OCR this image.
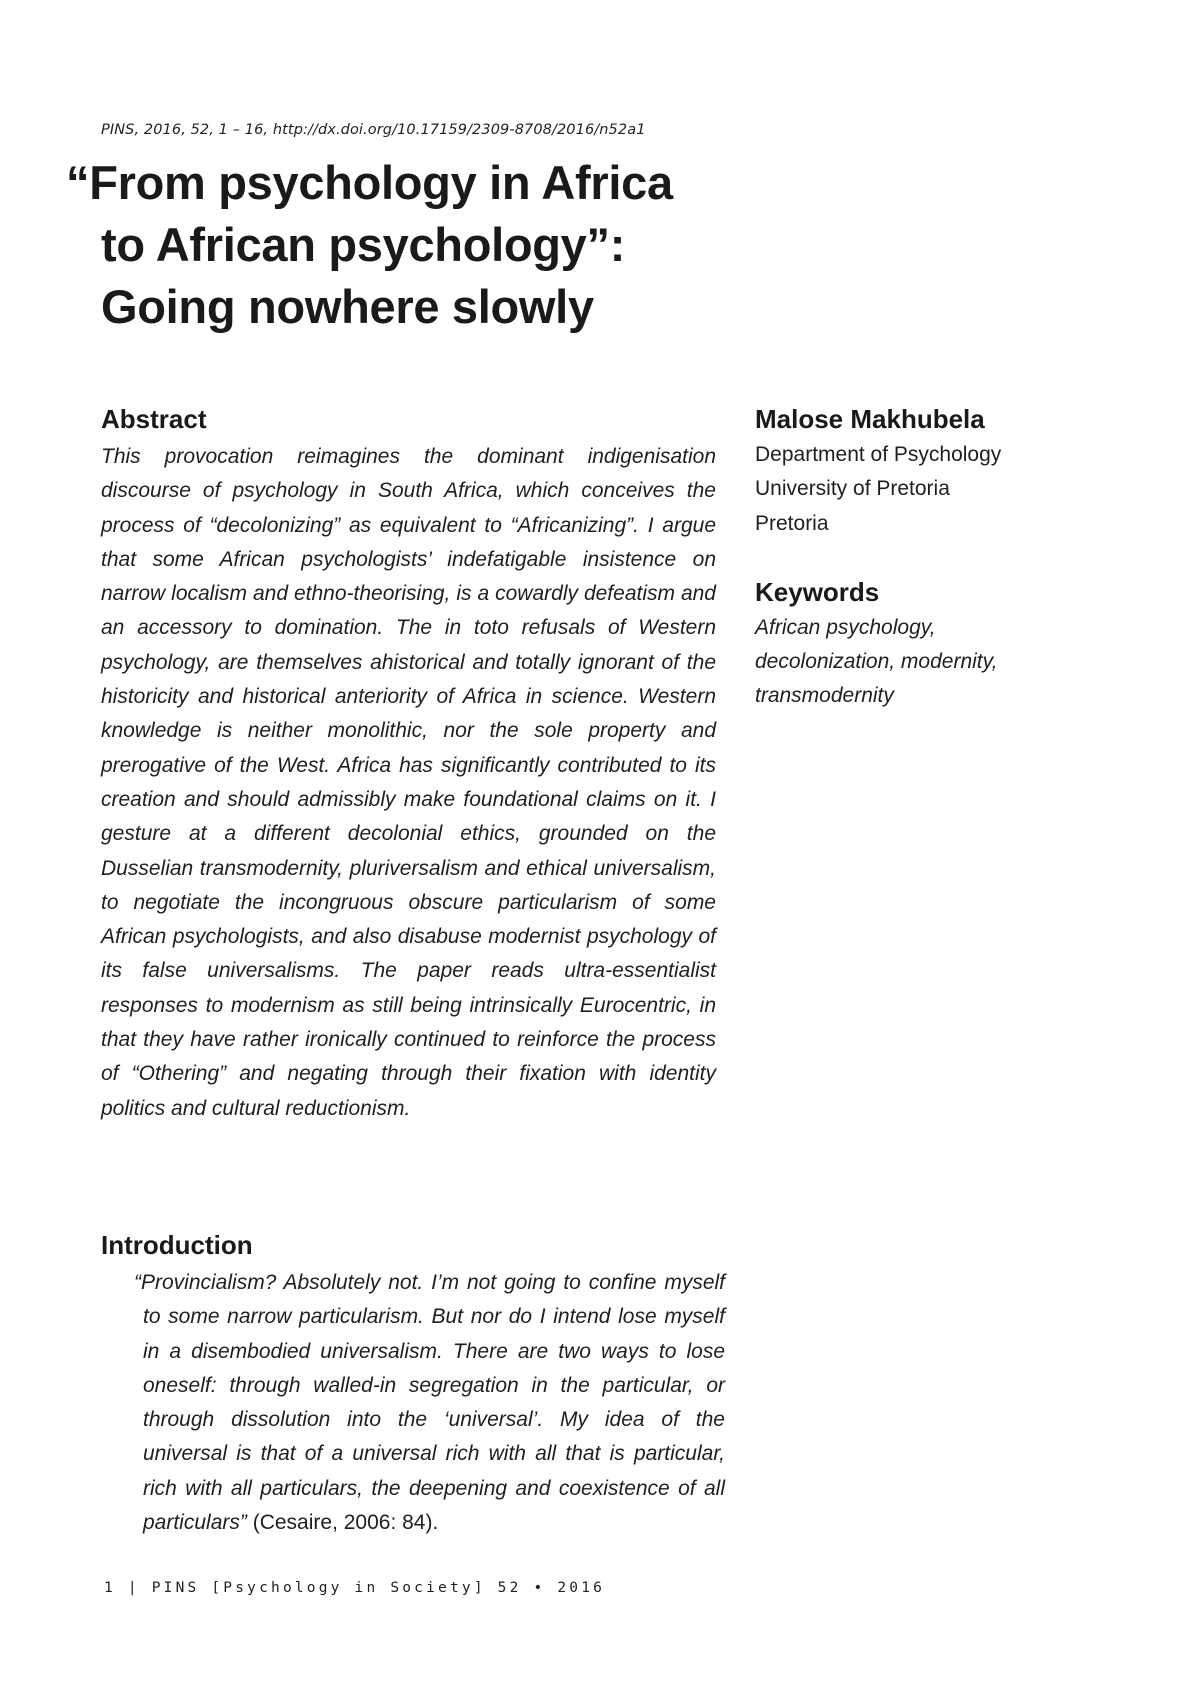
PINS, 2016, 52, 1 – 16, http://dx.doi.org/10.17159/2309-8708/2016/n52a1
“From psychology in Africa
to African psychology”:
Going nowhere slowly
Abstract

This provocation reimagines the dominant indigenisation discourse of psychology in South Africa, which conceives the process of “decolonizing” as equivalent to “Africanizing”. I argue that some African psychologists’ indefatigable insistence on narrow localism and ethno-theorising, is a cowardly defeatism and an accessory to domination. The in toto refusals of Western psychology, are themselves ahistorical and totally ignorant of the historicity and historical anteriority of Africa in science. Western knowledge is neither monolithic, nor the sole property and prerogative of the West. Africa has significantly contributed to its creation and should admissibly make foundational claims on it. I gesture at a different decolonial ethics, grounded on the Dusselian transmodernity, pluriversalism and ethical universalism, to negotiate the incongruous obscure particularism of some African psychologists, and also disabuse modernist psychology of its false universalisms. The paper reads ultra-essentialist responses to modernism as still being intrinsically Eurocentric, in that they have rather ironically continued to reinforce the process of “Othering” and negating through their fixation with identity politics and cultural reductionism.

Malose Makhubela

Department of Psychology

University of Pretoria

Pretoria

Keywords

African psychology, decolonization, modernity, transmodernity

Introduction

“Provincialism? Absolutely not. I’m not going to confine myself to some narrow particularism. But nor do I intend lose myself in a disembodied universalism. There are two ways to lose oneself: through walled-in segregation in the particular, or through dissolution into the ‘universal’. My idea of the universal is that of a universal rich with all that is particular, rich with all particulars, the deepening and coexistence of all particulars” (Cesaire, 2006: 84).

1 | PINS [Psychology in Society] 52 • 2016
